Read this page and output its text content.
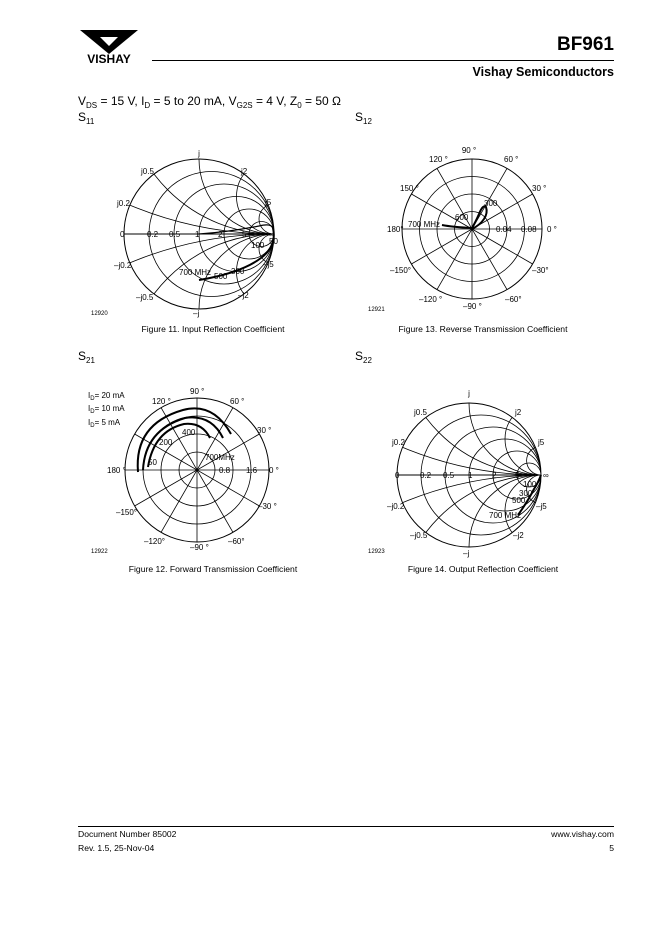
VISHAY
BF961
Vishay Semiconductors
$V_{DS} = 15$ V, $I_D = 5$ to 20 mA, $V_{G2S} = 4$ V, $Z_0 = 50$ Ω
$S_{11}$	$S_{12}$
$S_{21}$	$S_{22}$
j
j0.5	j2
j0.2	j5
0	0.2 0.5 1 2 5	∞
100 50
–j0.2	–j5
700 MHz 300
500
–j0.5	–j2
–j
12920
90 °
120 °	60 °
150 °	30 °
300
600
700 MHz
180°	0.04 0.08 0 °
–150°	–30°
–120 °	–60°
–90 °
12921
$I_D= 20$ mA
$I_D= 10$ mA
$I_D= 5$ mA
90 °
120 °	60 °
30 °
400
200
700MHz
50
180 °	0.8 1.6 0 °
–30 °
–150°
–120°	–60°
–90 °
12922
j
j0.5	j2
j0.2	j5
0	0.2 0.5 1 2 5	∞
100
300
500
–j0.2	–j5
700 MHz
–j0.5	–j2
–j
12923
Figure 11. Input Reflection Coefficient	Figure 13. Reverse Transmission Coefficient
Figure 12. Forward Transmission Coefficient	Figure 14. Output Reflection Coefficient
Document Number 85002
Rev. 1.5, 25-Nov-04
www.vishay.com
5
